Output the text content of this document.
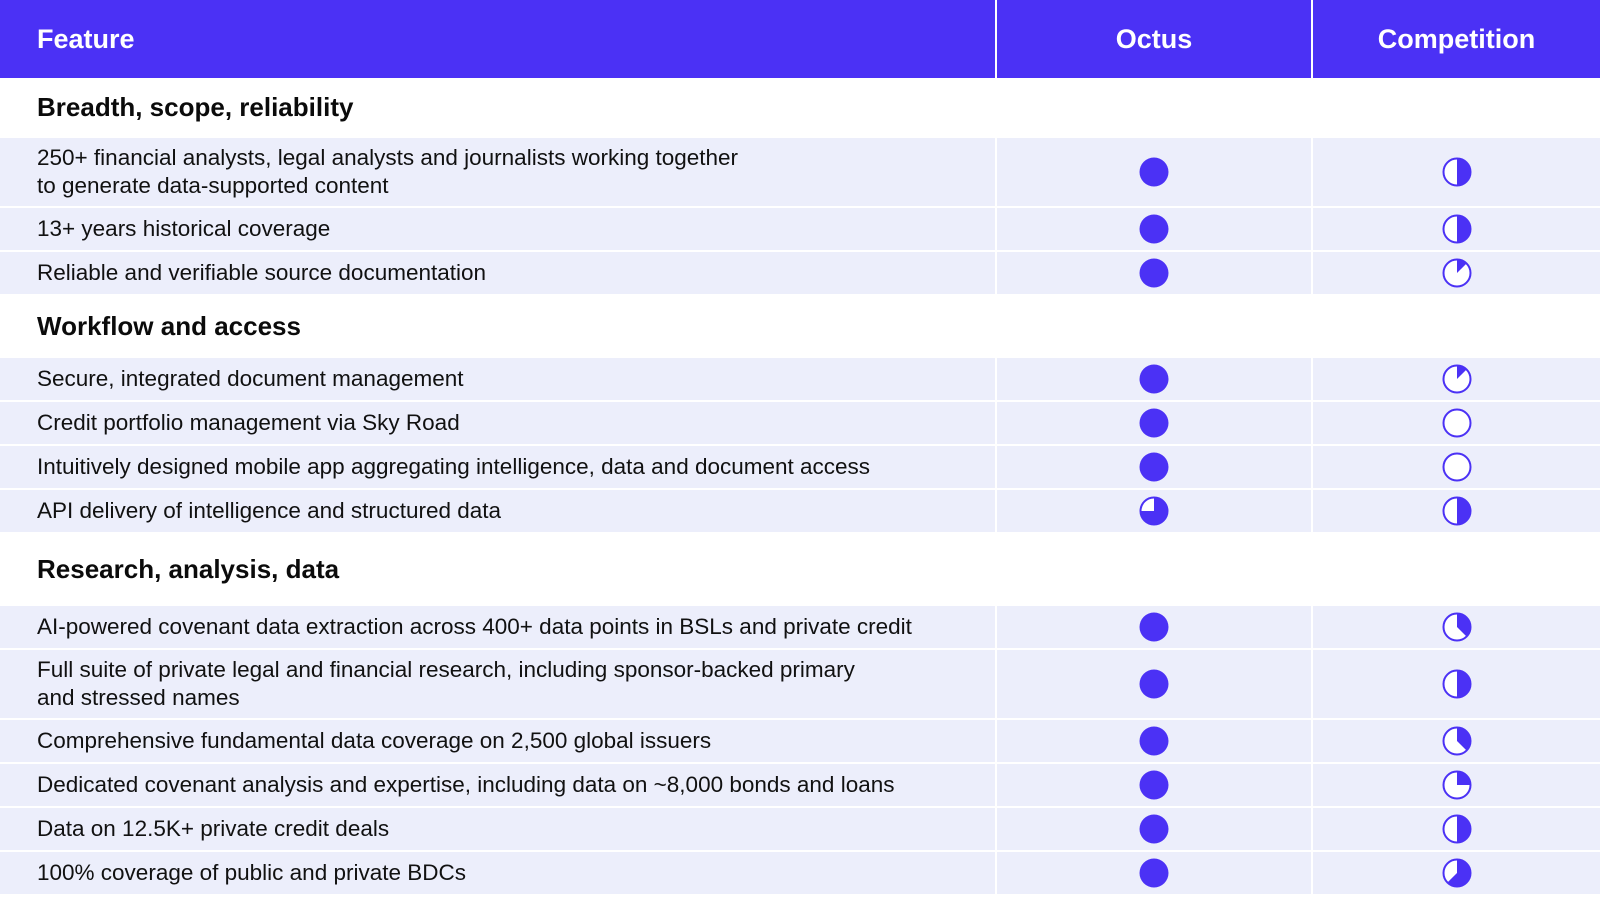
Feature	Octus	Competition
Breadth, scope, reliability
250+ financial analysts, legal analysts and journalists working together
to generate data-supported content
13+ years historical coverage
Reliable and verifiable source documentation
Workflow and access
Secure, integrated document management
Credit portfolio management via Sky Road
Intuitively designed mobile app aggregating intelligence, data and document access
API delivery of intelligence and structured data
Research, analysis, data
AI-powered covenant data extraction across 400+ data points in BSLs and private credit
Full suite of private legal and financial research, including sponsor-backed primary
and stressed names
Comprehensive fundamental data coverage on 2,500 global issuers
Dedicated covenant analysis and expertise, including data on ~8,000 bonds and loans
Data on 12.5K+ private credit deals
100% coverage of public and private BDCs
